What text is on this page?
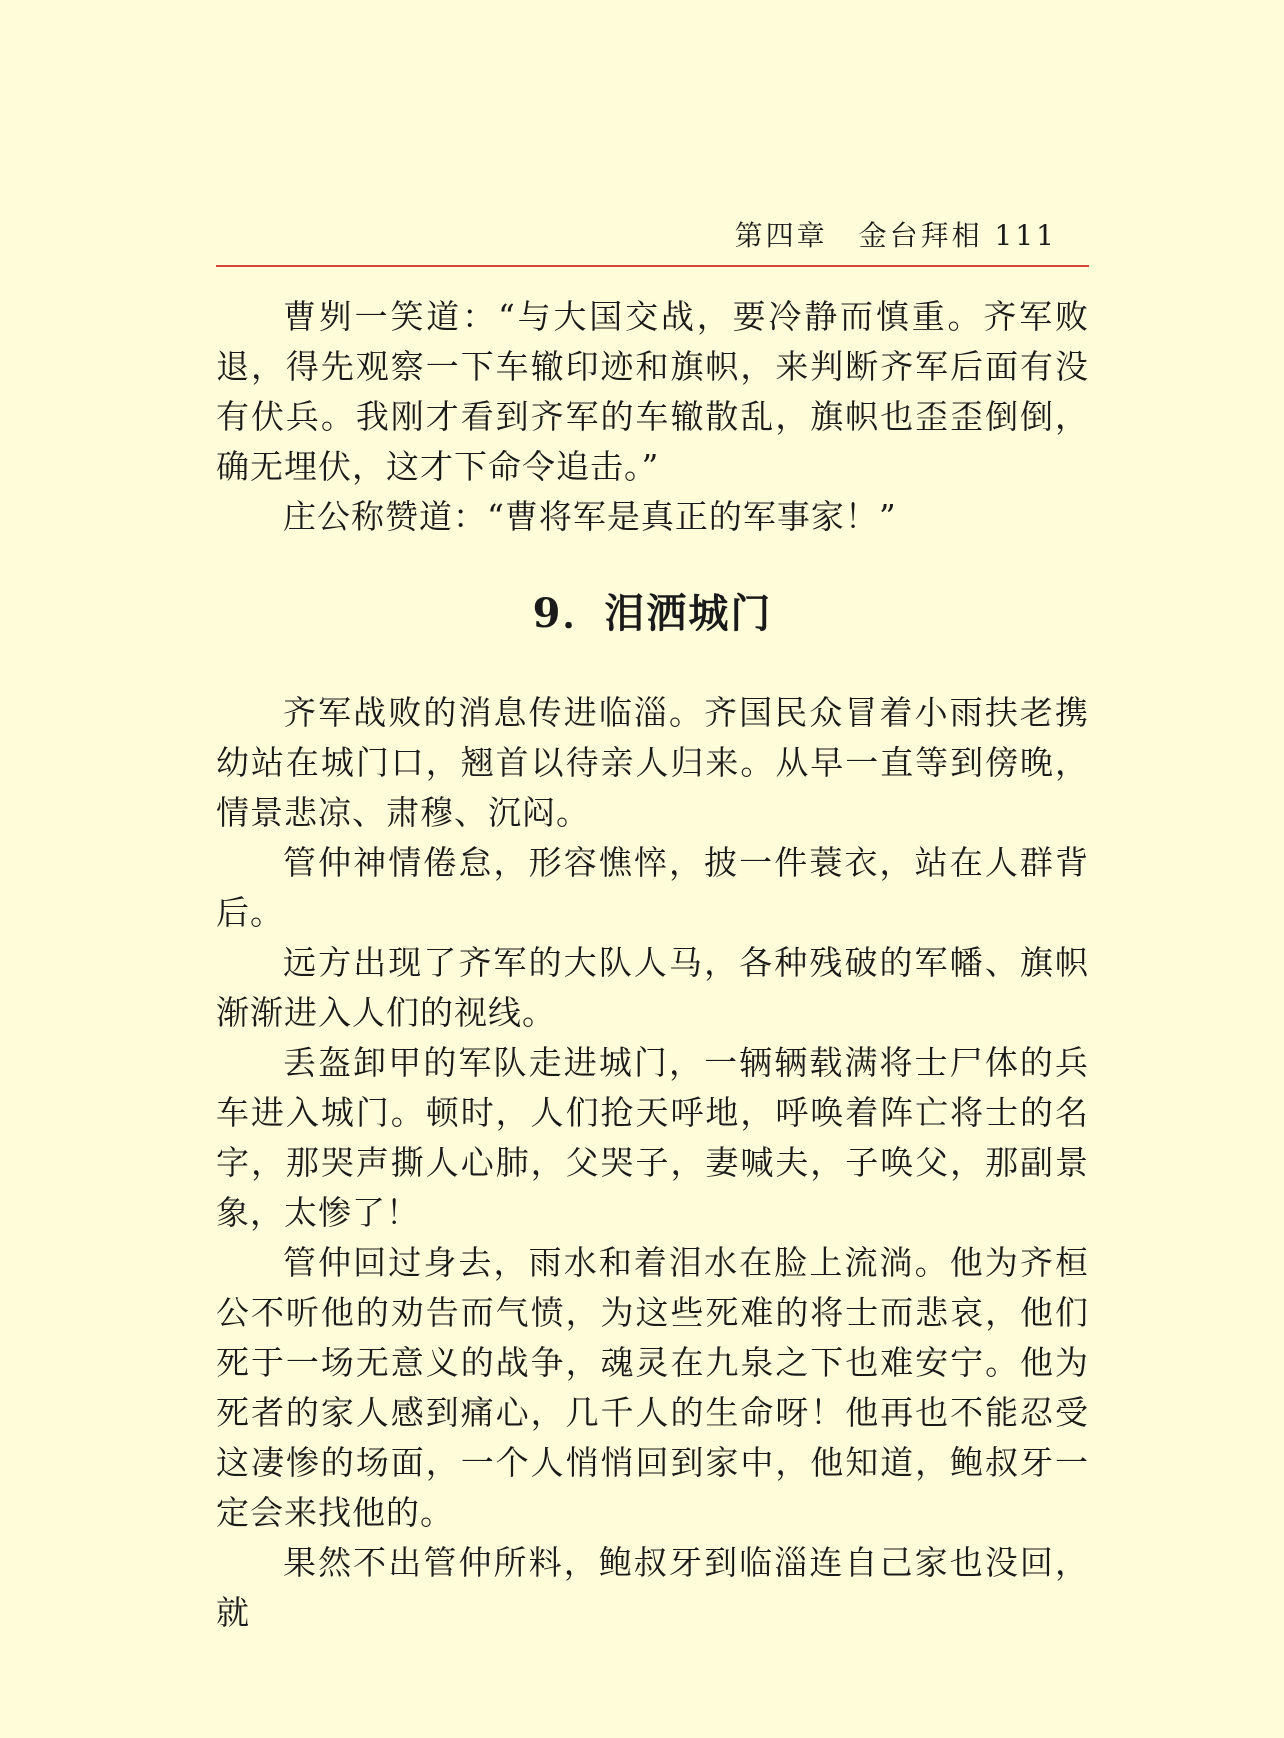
第四章　金台拜相 111

曹刿一笑道：“与大国交战，要冷静而慎重。齐军败退，得先观察一下车辙印迹和旗帜，来判断齐军后面有没有伏兵。我刚才看到齐军的车辙散乱，旗帜也歪歪倒倒，确无埋伏，这才下命令追击。”

庄公称赞道：“曹将军是真正的军事家！”

9．泪洒城门

齐军战败的消息传进临淄。齐国民众冒着小雨扶老携幼站在城门口，翘首以待亲人归来。从早一直等到傍晚，情景悲凉、肃穆、沉闷。

管仲神情倦怠，形容憔悴，披一件蓑衣，站在人群背后。

远方出现了齐军的大队人马，各种残破的军幡、旗帜渐渐进入人们的视线。

丢盔卸甲的军队走进城门，一辆辆载满将士尸体的兵车进入城门。顿时，人们抢天呼地，呼唤着阵亡将士的名字，那哭声撕人心肺，父哭子，妻喊夫，子唤父，那副景象，太惨了！

管仲回过身去，雨水和着泪水在脸上流淌。他为齐桓公不听他的劝告而气愤，为这些死难的将士而悲哀，他们死于一场无意义的战争，魂灵在九泉之下也难安宁。他为死者的家人感到痛心，几千人的生命呀！他再也不能忍受这凄惨的场面，一个人悄悄回到家中，他知道，鲍叔牙一定会来找他的。

果然不出管仲所料，鲍叔牙到临淄连自己家也没回，就
